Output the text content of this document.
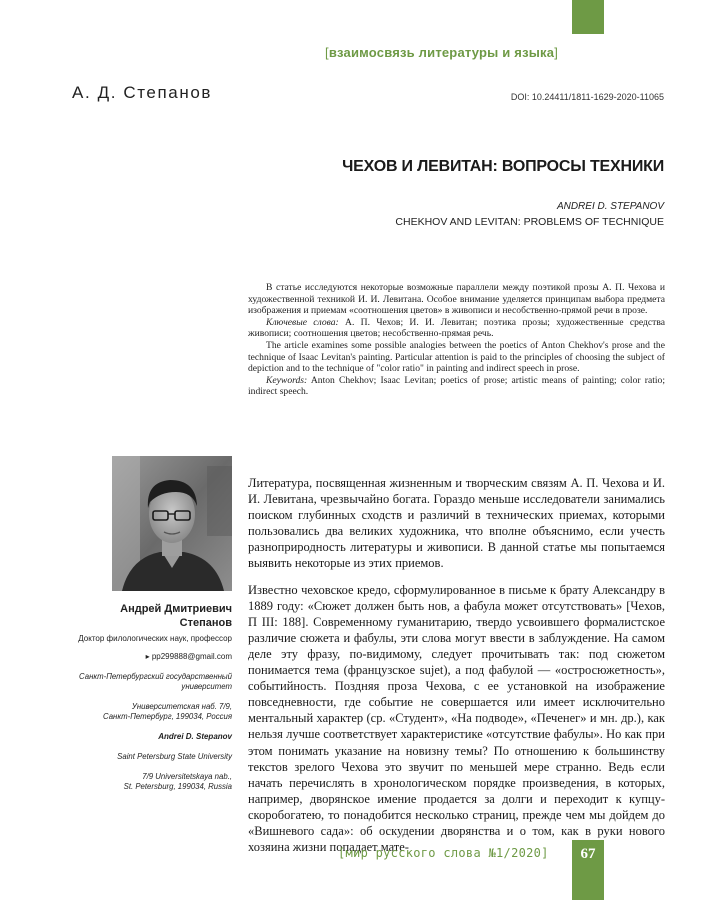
[взаимосвязь литературы и языка]
А. Д. Степанов	DOI: 10.24411/1811-1629-2020-11065
ЧЕХОВ И ЛЕВИТАН: ВОПРОСЫ ТЕХНИКИ
ANDREI D. STEPANOV
CHEKHOV AND LEVITAN: PROBLEMS OF TECHNIQUE

В статье исследуются некоторые возможные параллели между поэтикой прозы А. П. Чехова и художественной техникой И. И. Левитана. Особое внимание уделяется принципам выбора предмета изображения и приемам «соотношения цветов» в живописи и несобственно-прямой речи в прозе.

Ключевые слова: А. П. Чехов; И. И. Левитан; поэтика прозы; художественные средства живописи; соотношения цветов; несобственно-прямая речь.

The article examines some possible analogies between the poetics of Anton Chekhov's prose and the technique of Isaac Levitan's painting. Particular attention is paid to the principles of choosing the subject of depiction and to the technique of "color ratio" in painting and indirect speech in prose.

Keywords: Anton Chekhov; Isaac Levitan; poetics of prose; artistic means of painting; color ratio; indirect speech.

Андрей Дмитриевич
Степанов
Доктор филологических наук, профессор
▸ pp299888@gmail.com
Санкт-Петербургский государственный
университет
Университетская наб. 7/9,
Санкт-Петербург, 199034, Россия
Andrei D. Stepanov
Saint Petersburg State University
7/9 Universitetskaya nab.,
St. Petersburg, 199034, Russia

Литература, посвященная жизненным и творческим связям А. П. Чехова и И. И. Левитана, чрезвычайно богата. Гораздо меньше исследователи занимались поиском глубинных сходств и различий в технических приемах, которыми пользовались два великих художника, что вполне объяснимо, если учесть разноприродность литературы и живописи. В данной статье мы попытаемся выявить некоторые из этих приемов.

Известно чеховское кредо, сформулированное в письме к брату Александру в 1889 году: «Сюжет должен быть нов, а фабула может отсутствовать» [Чехов, П III: 188]. Современному гуманитарию, твердо усвоившего формалистское различие сюжета и фабулы, эти слова могут ввести в заблуждение. На самом деле эту фразу, по-видимому, следует прочитывать так: под сюжетом понимается тема (французское sujet), а под фабулой — «остросюжетность», событийность. Поздняя проза Чехова, с ее установкой на изображение повседневности, где событие не совершается или имеет исключительно ментальный характер (ср. «Студент», «На подводе», «Печенег» и мн. др.), как нельзя лучше соответствует характеристике «отсутствие фабулы». Но как при этом понимать указание на новизну темы? По отношению к большинству текстов зрелого Чехова это звучит по меньшей мере странно. Ведь если начать перечислять в хронологическом порядке произведения, в которых, например, дворянское имение продается за долги и переходит к купцу-скоробогатею, то понадобится несколько страниц, прежде чем мы дойдем до «Вишневого сада»: об оскудении дворянства и о том, как в руки нового хозяина жизни попадает мате-

[мир русского слова №1/2020]	67
